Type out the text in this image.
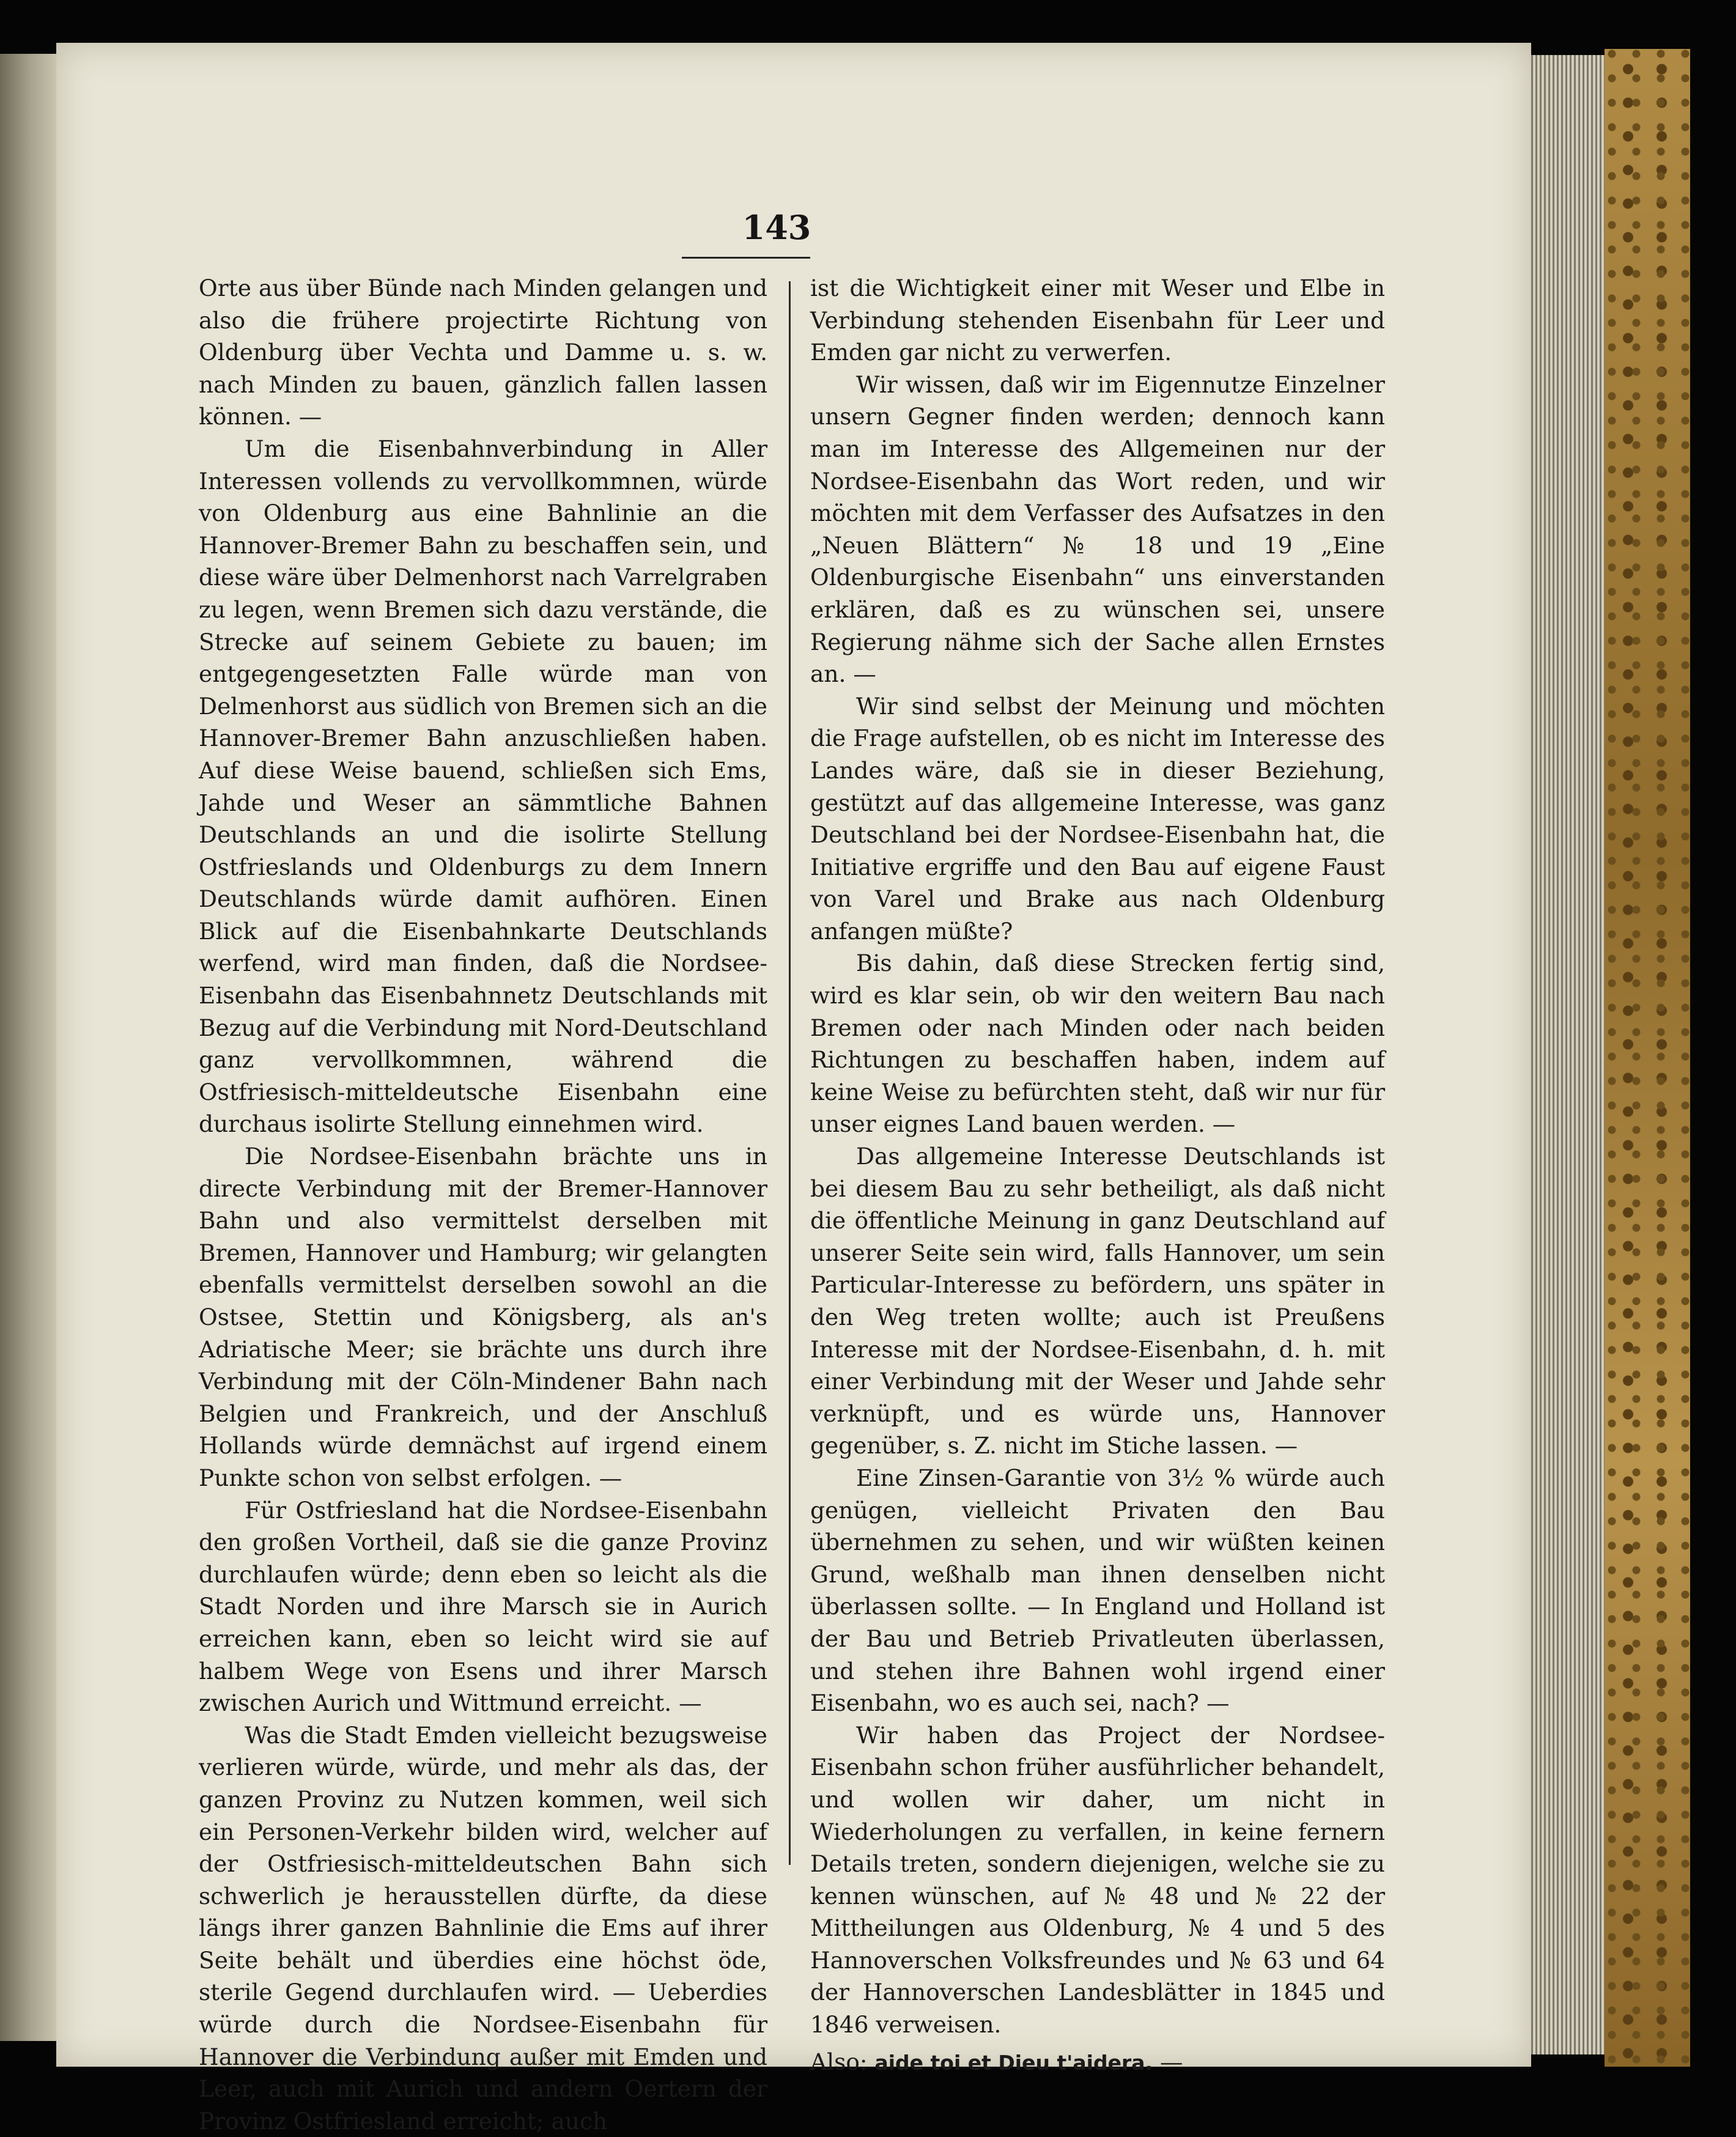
143

Orte aus über Bünde nach Minden gelangen und also die frühere projectirte Richtung von Oldenburg über Vechta und Damme u. s. w. nach Minden zu bauen, gänzlich fallen lassen können. —

Um die Eisenbahnverbindung in Aller Interessen vollends zu vervollkommnen, würde von Oldenburg aus eine Bahnlinie an die Hannover-Bremer Bahn zu beschaffen sein, und diese wäre über Delmenhorst nach Varrelgraben zu legen, wenn Bremen sich dazu verstände, die Strecke auf seinem Gebiete zu bauen; im entgegengesetzten Falle würde man von Delmenhorst aus südlich von Bremen sich an die Hannover-Bremer Bahn anzuschließen haben. Auf diese Weise bauend, schließen sich Ems, Jahde und Weser an sämmtliche Bahnen Deutschlands an und die isolirte Stellung Ostfrieslands und Oldenburgs zu dem Innern Deutschlands würde damit aufhören. Einen Blick auf die Eisenbahnkarte Deutschlands werfend, wird man finden, daß die Nordsee-Eisenbahn das Eisenbahnnetz Deutschlands mit Bezug auf die Verbindung mit Nord-Deutschland ganz vervollkommnen, während die Ostfriesisch-mitteldeutsche Eisenbahn eine durchaus isolirte Stellung einnehmen wird.

Die Nordsee-Eisenbahn brächte uns in directe Verbindung mit der Bremer-Hannover Bahn und also vermittelst derselben mit Bremen, Hannover und Hamburg; wir gelangten ebenfalls vermittelst derselben sowohl an die Ostsee, Stettin und Königsberg, als an's Adriatische Meer; sie brächte uns durch ihre Verbindung mit der Cöln-Mindener Bahn nach Belgien und Frankreich, und der Anschluß Hollands würde demnächst auf irgend einem Punkte schon von selbst erfolgen. —

Für Ostfriesland hat die Nordsee-Eisenbahn den großen Vortheil, daß sie die ganze Provinz durchlaufen würde; denn eben so leicht als die Stadt Norden und ihre Marsch sie in Aurich erreichen kann, eben so leicht wird sie auf halbem Wege von Esens und ihrer Marsch zwischen Aurich und Wittmund erreicht. —

Was die Stadt Emden vielleicht bezugsweise verlieren würde, würde, und mehr als das, der ganzen Provinz zu Nutzen kommen, weil sich ein Personen-Verkehr bilden wird, welcher auf der Ostfriesisch-mitteldeutschen Bahn sich schwerlich je herausstellen dürfte, da diese längs ihrer ganzen Bahnlinie die Ems auf ihrer Seite behält und überdies eine höchst öde, sterile Gegend durchlaufen wird. — Ueberdies würde durch die Nordsee-Eisenbahn für Hannover die Verbindung außer mit Emden und Leer, auch mit Aurich und andern Oertern der Provinz Ostfriesland erreicht; auch

ist die Wichtigkeit einer mit Weser und Elbe in Verbindung stehenden Eisenbahn für Leer und Emden gar nicht zu verwerfen.

Wir wissen, daß wir im Eigennutze Einzelner unsern Gegner finden werden; dennoch kann man im Interesse des Allgemeinen nur der Nordsee-Eisenbahn das Wort reden, und wir möchten mit dem Verfasser des Aufsatzes in den „Neuen Blättern“ № 18 und 19 „Eine Oldenburgische Eisenbahn“ uns einverstanden erklären, daß es zu wünschen sei, unsere Regierung nähme sich der Sache allen Ernstes an. —

Wir sind selbst der Meinung und möchten die Frage aufstellen, ob es nicht im Interesse des Landes wäre, daß sie in dieser Beziehung, gestützt auf das allgemeine Interesse, was ganz Deutschland bei der Nordsee-Eisenbahn hat, die Initiative ergriffe und den Bau auf eigene Faust von Varel und Brake aus nach Oldenburg anfangen müßte?

Bis dahin, daß diese Strecken fertig sind, wird es klar sein, ob wir den weitern Bau nach Bremen oder nach Minden oder nach beiden Richtungen zu beschaffen haben, indem auf keine Weise zu befürchten steht, daß wir nur für unser eignes Land bauen werden. —

Das allgemeine Interesse Deutschlands ist bei diesem Bau zu sehr betheiligt, als daß nicht die öffentliche Meinung in ganz Deutschland auf unserer Seite sein wird, falls Hannover, um sein Particular-Interesse zu befördern, uns später in den Weg treten wollte; auch ist Preußens Interesse mit der Nordsee-Eisenbahn, d. h. mit einer Verbindung mit der Weser und Jahde sehr verknüpft, und es würde uns, Hannover gegenüber, s. Z. nicht im Stiche lassen. —

Eine Zinsen-Garantie von 3½ % würde auch genügen, vielleicht Privaten den Bau übernehmen zu sehen, und wir wüßten keinen Grund, weßhalb man ihnen denselben nicht überlassen sollte. — In England und Holland ist der Bau und Betrieb Privatleuten überlassen, und stehen ihre Bahnen wohl irgend einer Eisenbahn, wo es auch sei, nach? —

Wir haben das Project der Nordsee-Eisenbahn schon früher ausführlicher behandelt, und wollen wir daher, um nicht in Wiederholungen zu verfallen, in keine fernern Details treten, sondern diejenigen, welche sie zu kennen wünschen, auf № 48 und № 22 der Mittheilungen aus Oldenburg, № 4 und 5 des Hannoverschen Volksfreundes und № 63 und 64 der Hannoverschen Landesblätter in 1845 und 1846 verweisen.

Also: aide toi et Dieu t'aidera. —
